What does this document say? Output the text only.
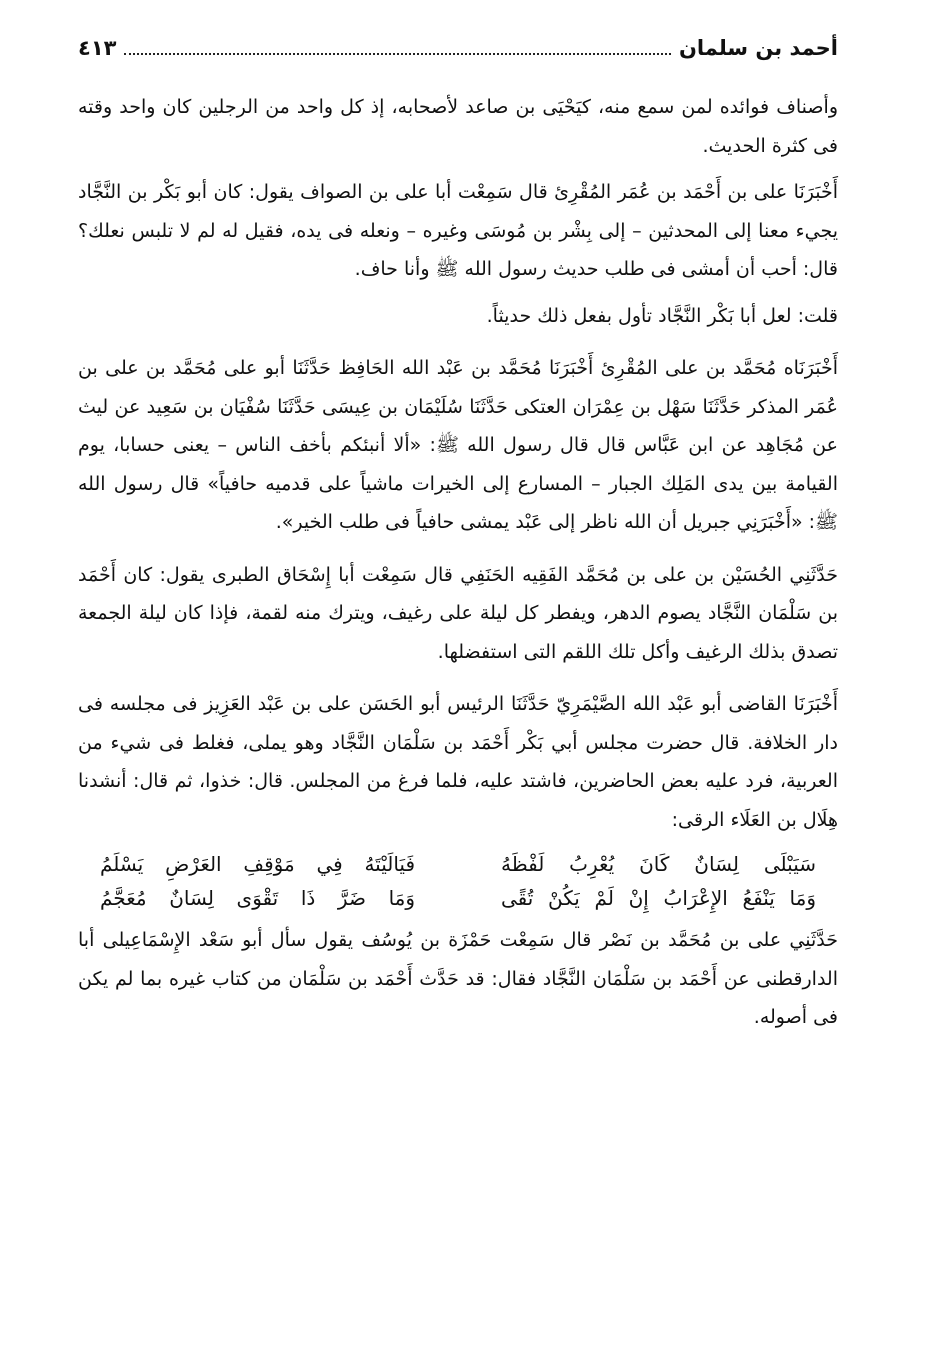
أحمد بن سلمان
٤١٣

وأصناف فوائده لمن سمع منه، كيَحْيَى بن صاعد لأصحابه، إذ كل واحد من الرجلين كان واحد وقته فى كثرة الحديث.

أَخْبَرَنَا على بن أَحْمَد بن عُمَر المُقْرِئ قال سَمِعْت أبا على بن الصواف يقول: كان أبو بَكْر بن النَّجَّاد يجيء معنا إلى المحدثين – إلى بِشْر بن مُوسَى وغيره – ونعله فى يده، فقيل له لم لا تلبس نعلك؟ قال: أحب أن أمشى فى طلب حديث رسول الله ﷺ وأنا حاف.

قلت: لعل أبا بَكْر النَّجَّاد تأول بفعل ذلك حديثاً.

أَخْبَرَنَاه مُحَمَّد بن على المُقْرِئ أَخْبَرَنَا مُحَمَّد بن عَبْد الله الحَافِظ حَدَّثَنَا أبو على مُحَمَّد بن على بن عُمَر المذكر حَدَّثَنَا سَهْل بن عِمْرَان العتكى حَدَّثَنَا سُلَيْمَان بن عِيسَى حَدَّثَنَا سُفْيَان بن سَعِيد عن ليث عن مُجَاهِد عن ابن عَبَّاس قال قال رسول الله ﷺ: «ألا أنبئكم بأخف الناس – يعنى حسابا، يوم القيامة بين يدى المَلِك الجبار – المسارع إلى الخيرات ماشياً على قدميه حافياً» قال رسول الله ﷺ: «أَخْبَرَنِي جبريل أن الله ناظر إلى عَبْد يمشى حافياً فى طلب الخير».

حَدَّثَنِي الحُسَيْن بن على بن مُحَمَّد الفَقِيه الحَنَفِي قال سَمِعْت أبا إِسْحَاق الطبرى يقول: كان أَحْمَد بن سَلْمَان النَّجَّاد يصوم الدهر، ويفطر كل ليلة على رغيف، ويترك منه لقمة، فإذا كان ليلة الجمعة تصدق بذلك الرغيف وأكل تلك اللقم التى استفضلها.

أَخْبَرَنَا القاضى أبو عَبْد الله الصَّيْمَرِيّ حَدَّثَنَا الرئيس أبو الحَسَن على بن عَبْد العَزِيز فى مجلسه فى دار الخلافة. قال حضرت مجلس أبي بَكْر أَحْمَد بن سَلْمَان النَّجَّاد وهو يملى، فغلط فى شيء من العربية، فرد عليه بعض الحاضرين، فاشتد عليه، فلما فرغ من المجلس. قال: خذوا، ثم قال: أنشدنا هِلَال بن العَلَاء الرقى:

سَيَبْلَى لِسَانٌ كَانَ يُعْرِبُ لَفْظَهُ
فَيَالَيْتَهُ فِي مَوْقِفِ العَرْضِ يَسْلَمُ
وَمَا يَنْفَعُ الإِعْرَابُ إِنْ لَمْ يَكُنْ تُقًى
وَمَا ضَرَّ ذَا تَقْوَى لِسَانٌ مُعَجَّمُ

حَدَّثَنِي على بن مُحَمَّد بن نَصْر قال سَمِعْت حَمْزَة بن يُوسُف يقول سأل أبو سَعْد الإِسْمَاعِيلى أبا الدارقطنى عن أَحْمَد بن سَلْمَان النَّجَّاد فقال: قد حَدَّث أَحْمَد بن سَلْمَان من كتاب غيره بما لم يكن فى أصوله.
